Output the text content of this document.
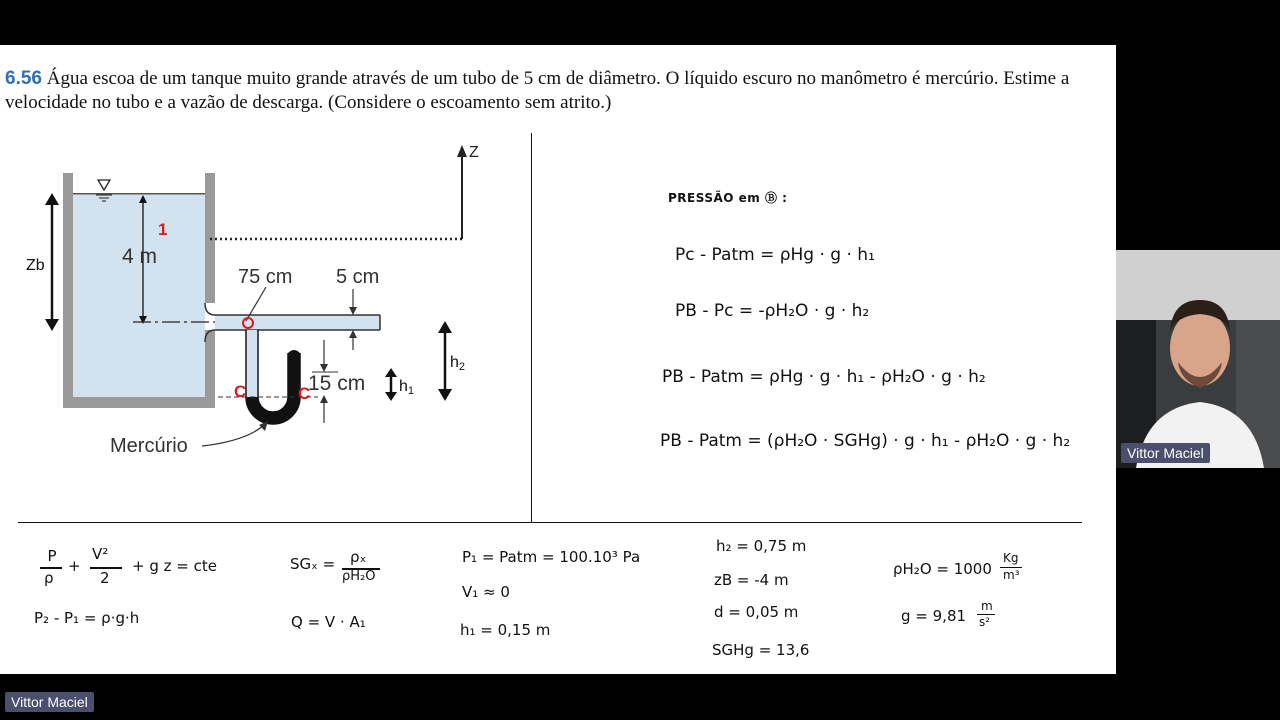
6.56 Água escoa de um tanque muito grande através de um tubo de 5 cm de diâmetro. O líquido escuro no manômetro é mercúrio. Estime a velocidade no tubo e a vazão de descarga. (Considere o escoamento sem atrito.)
1
Z
Zb	4 m
75 cm 5 cm
15 cm h1
h2
C	C
Mercúrio
PRESSÃO em Ⓑ :
Pc - Patm = ρHg · g · h₁
PB - Pc = -ρH₂O · g · h₂
PB - Patm = ρHg · g · h₁ - ρH₂O · g · h₂
PB - Patm = (ρH₂O · SGHg) · g · h₁ - ρH₂O · g · h₂
P
ρ
+
V²
2
+ g z = cte
P₂ - P₁ = ρ·g·h
SGₓ = ρₓ
ρH₂O
Q = V · A₁
P₁ = Patm = 100.10³ Pa
V₁ ≈ 0
h₁ = 0,15 m
h₂ = 0,75 m
zB = -4 m
d = 0,05 m
SGHg = 13,6
ρH₂O = 1000
Kg
m³
g = 9,81
m
s²
Vittor Maciel
Vittor Maciel
